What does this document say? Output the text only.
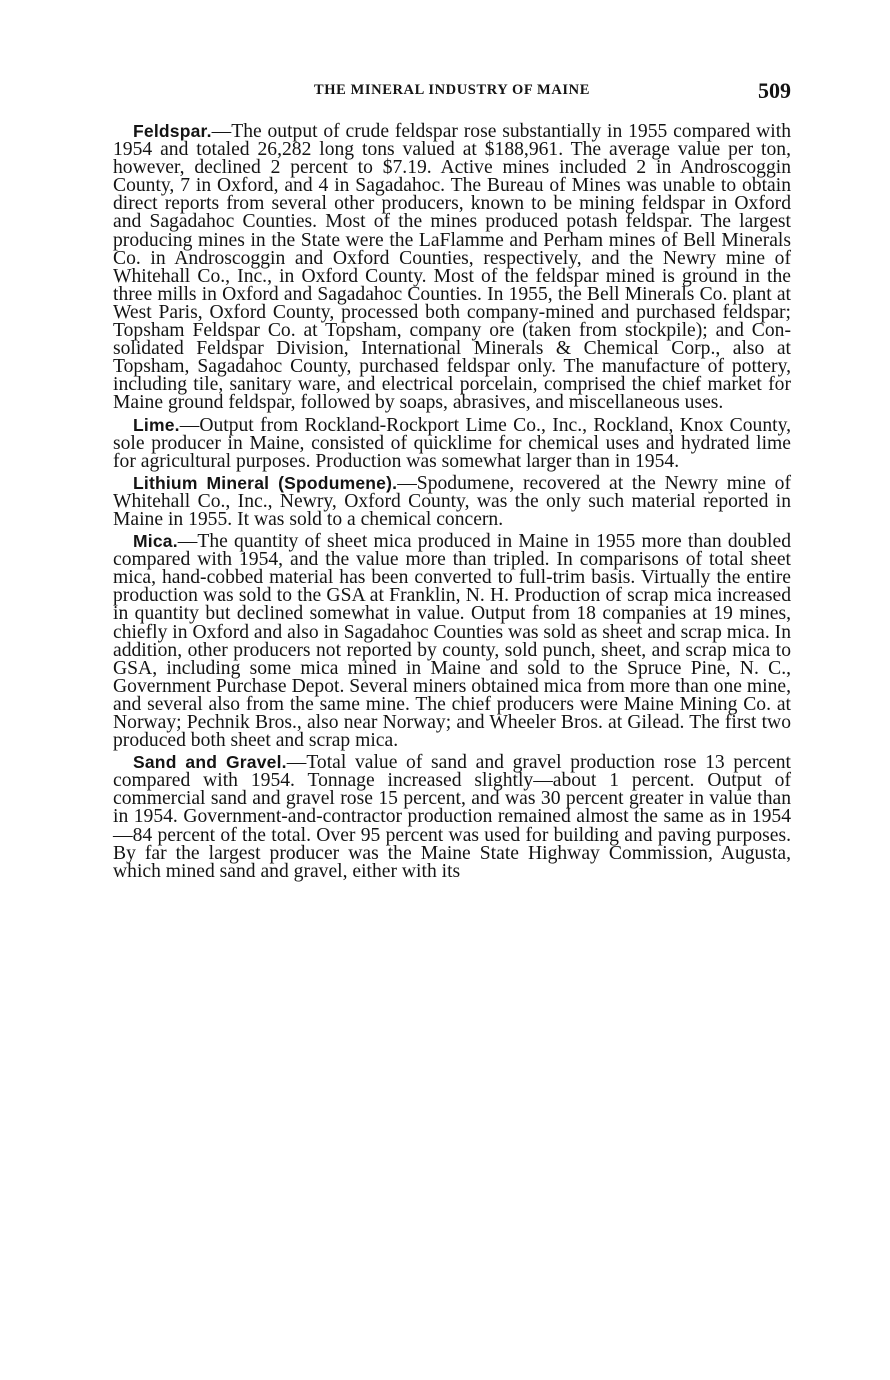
THE MINERAL INDUSTRY OF MAINE	509

Feldspar.—The output of crude feldspar rose substantially in 1955 compared with 1954 and totaled 26,282 long tons valued at $188,961. The average value per ton, however, declined 2 percent to $7.19. Active mines included 2 in Androscoggin County, 7 in Oxford, and 4 in Sagadahoc. The Bureau of Mines was unable to obtain direct reports from several other producers, known to be mining feldspar in Oxford and Sagadahoc Counties. Most of the mines produced potash feldspar. The largest producing mines in the State were the LaFlamme and Perham mines of Bell Minerals Co. in Androscoggin and Oxford Counties, respectively, and the Newry mine of Whitehall Co., Inc., in Oxford County. Most of the feldspar mined is ground in the three mills in Oxford and Sagadahoc Counties. In 1955, the Bell Minerals Co. plant at West Paris, Oxford County, processed both company-mined and purchased feldspar; Topsham Feldspar Co. at Topsham, company ore (taken from stockpile); and Consolidated Feldspar Division, International Minerals & Chemical Corp., also at Topsham, Sagadahoc County, purchased feldspar only. The manufacture of pottery, including tile, sanitary ware, and electrical porcelain, comprised the chief market for Maine ground feldspar, followed by soaps, abrasives, and miscellaneous uses.

Lime.—Output from Rockland-Rockport Lime Co., Inc., Rockland, Knox County, sole producer in Maine, consisted of quicklime for chemical uses and hydrated lime for agricultural purposes. Production was somewhat larger than in 1954.

Lithium Mineral (Spodumene).—Spodumene, recovered at the Newry mine of Whitehall Co., Inc., Newry, Oxford County, was the only such material reported in Maine in 1955. It was sold to a chemical concern.

Mica.—The quantity of sheet mica produced in Maine in 1955 more than doubled compared with 1954, and the value more than tripled. In comparisons of total sheet mica, hand-cobbed material has been converted to full-trim basis. Virtually the entire production was sold to the GSA at Franklin, N. H. Production of scrap mica increased in quantity but declined somewhat in value. Output from 18 companies at 19 mines, chiefly in Oxford and also in Sagadahoc Counties was sold as sheet and scrap mica. In addition, other producers not reported by county, sold punch, sheet, and scrap mica to GSA, including some mica mined in Maine and sold to the Spruce Pine, N. C., Government Purchase Depot. Several miners obtained mica from more than one mine, and several also from the same mine. The chief producers were Maine Mining Co. at Norway; Pechnik Bros., also near Norway; and Wheeler Bros. at Gilead. The first two produced both sheet and scrap mica.

Sand and Gravel.—Total value of sand and gravel production rose 13 percent compared with 1954. Tonnage increased slightly—about 1 percent. Output of commercial sand and gravel rose 15 percent, and was 30 percent greater in value than in 1954. Government-and-contractor production remained almost the same as in 1954—84 percent of the total. Over 95 percent was used for building and paving purposes. By far the largest producer was the Maine State Highway Commission, Augusta, which mined sand and gravel, either with its
